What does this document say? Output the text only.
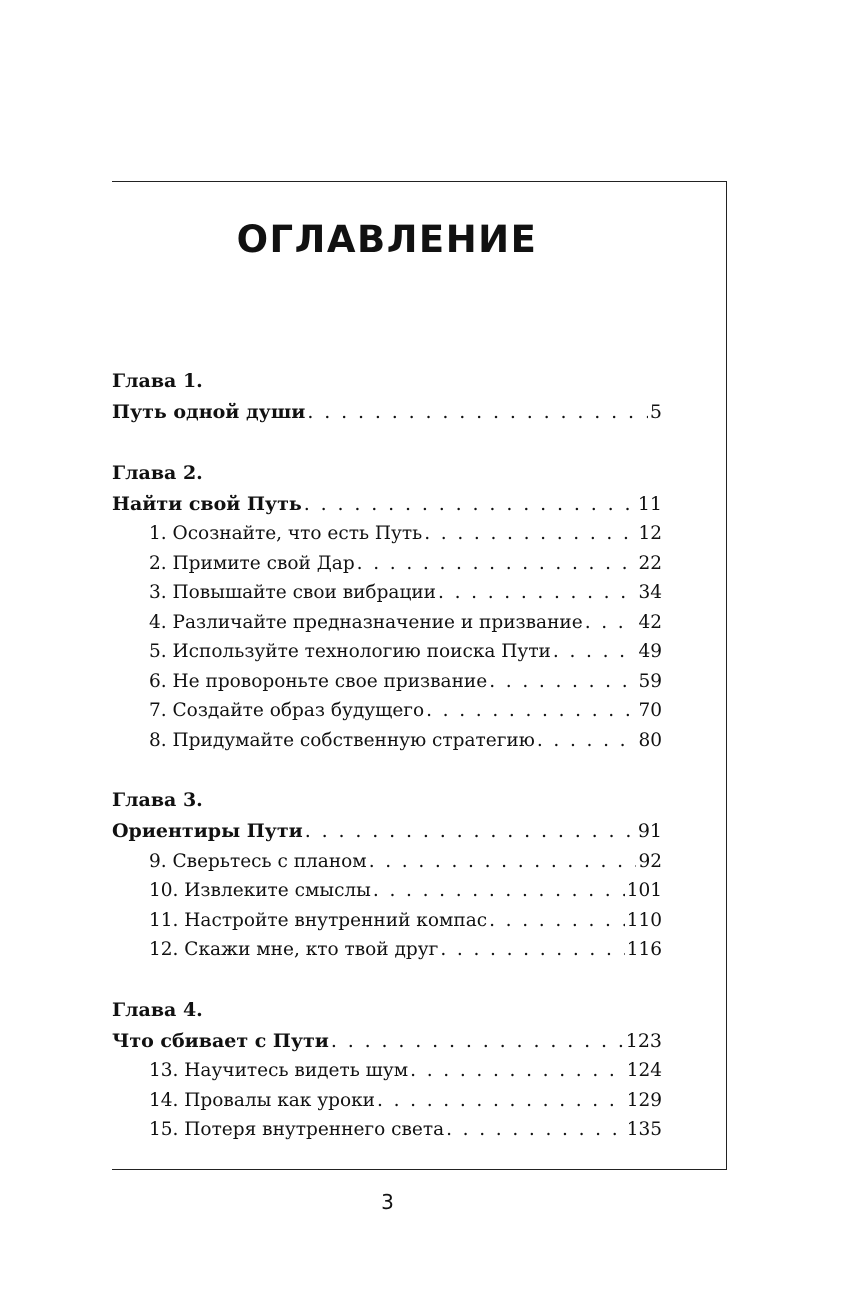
ОГЛАВЛЕНИЕ
Глава 1.
Путь одной души . . .	5
Глава 2.
Найти свой Путь . . .	11
1. Осознайте, что есть Путь . . .	12
2. Примите свой Дар . . .	22
3. Повышайте свои вибрации . . .	34
4. Различайте предназначение и призвание . . .	42
5. Используйте технологию поиска Пути . . .	49
6. Не провороньте свое призвание . . .	59
7. Создайте образ будущего . . .	70
8. Придумайте собственную стратегию . . .	80
Глава 3.
Ориентиры Пути . . .	91
9. Сверьтесь с планом . . .	92
10. Извлеките смыслы . . .	101
11. Настройте внутренний компас . . .	110
12. Скажи мне, кто твой друг . . .	116
Глава 4.
Что сбивает с Пути . . .	123
13. Научитесь видеть шум . . .	124
14. Провалы как уроки . . .	129
15. Потеря внутреннего света . . .	135
3
